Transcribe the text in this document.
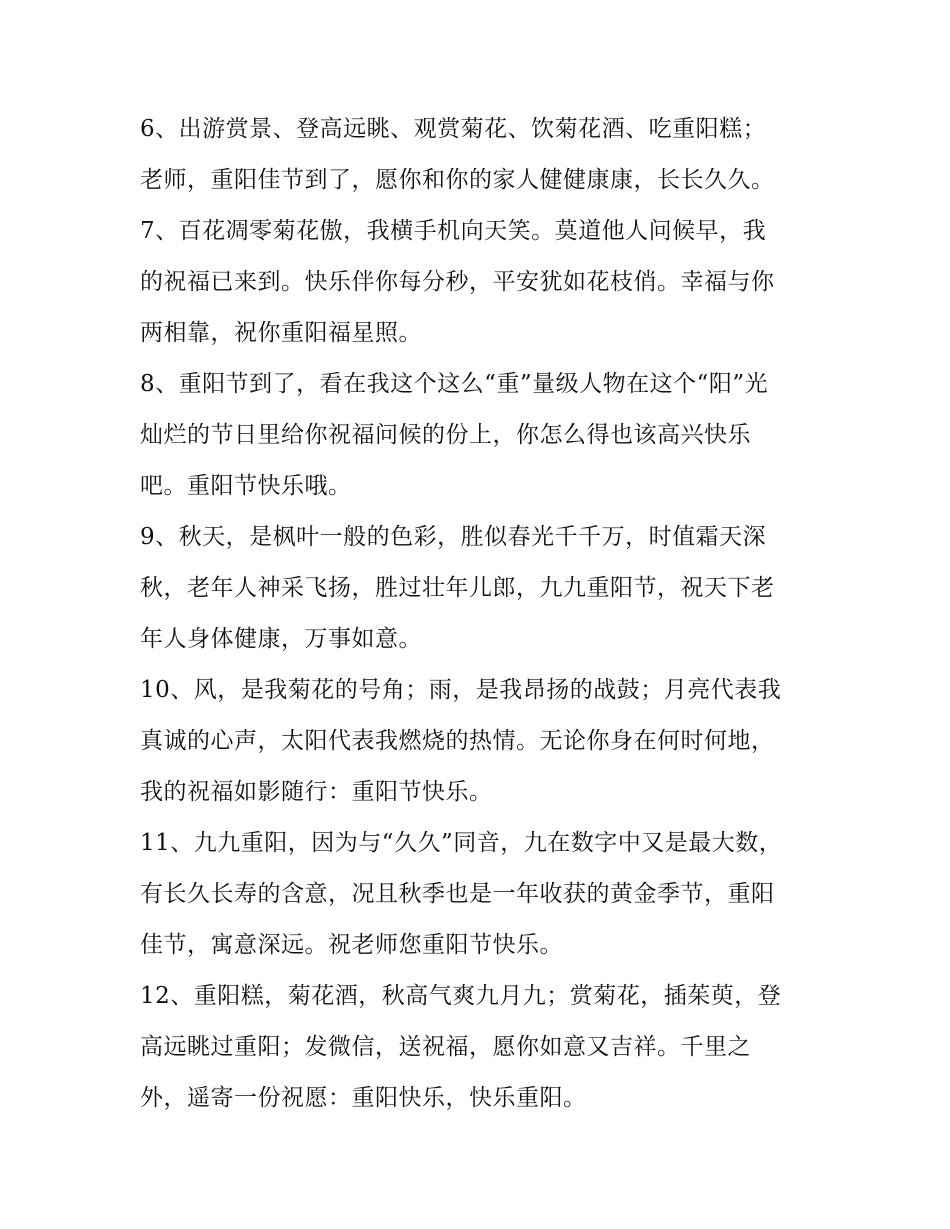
6、出游赏景、登高远眺、观赏菊花、饮菊花酒、吃重阳糕；
老师，重阳佳节到了，愿你和你的家人健健康康，长长久久。
7、百花凋零菊花傲，我横手机向天笑。莫道他人问候早，我
的祝福已来到。快乐伴你每分秒，平安犹如花枝俏。幸福与你
两相靠，祝你重阳福星照。
8、重阳节到了，看在我这个这么“重”量级人物在这个“阳”光
灿烂的节日里给你祝福问候的份上，你怎么得也该高兴快乐
吧。重阳节快乐哦。
9、秋天，是枫叶一般的色彩，胜似春光千千万，时值霜天深
秋，老年人神采飞扬，胜过壮年儿郎，九九重阳节，祝天下老
年人身体健康，万事如意。
10、风，是我菊花的号角；雨，是我昂扬的战鼓；月亮代表我
真诚的心声，太阳代表我燃烧的热情。无论你身在何时何地，
我的祝福如影随行：重阳节快乐。
11、九九重阳，因为与“久久”同音，九在数字中又是最大数，
有长久长寿的含意，况且秋季也是一年收获的黄金季节，重阳
佳节，寓意深远。祝老师您重阳节快乐。
12、重阳糕，菊花酒，秋高气爽九月九；赏菊花，插茱萸，登
高远眺过重阳；发微信，送祝福，愿你如意又吉祥。千里之
外，遥寄一份祝愿：重阳快乐，快乐重阳。
